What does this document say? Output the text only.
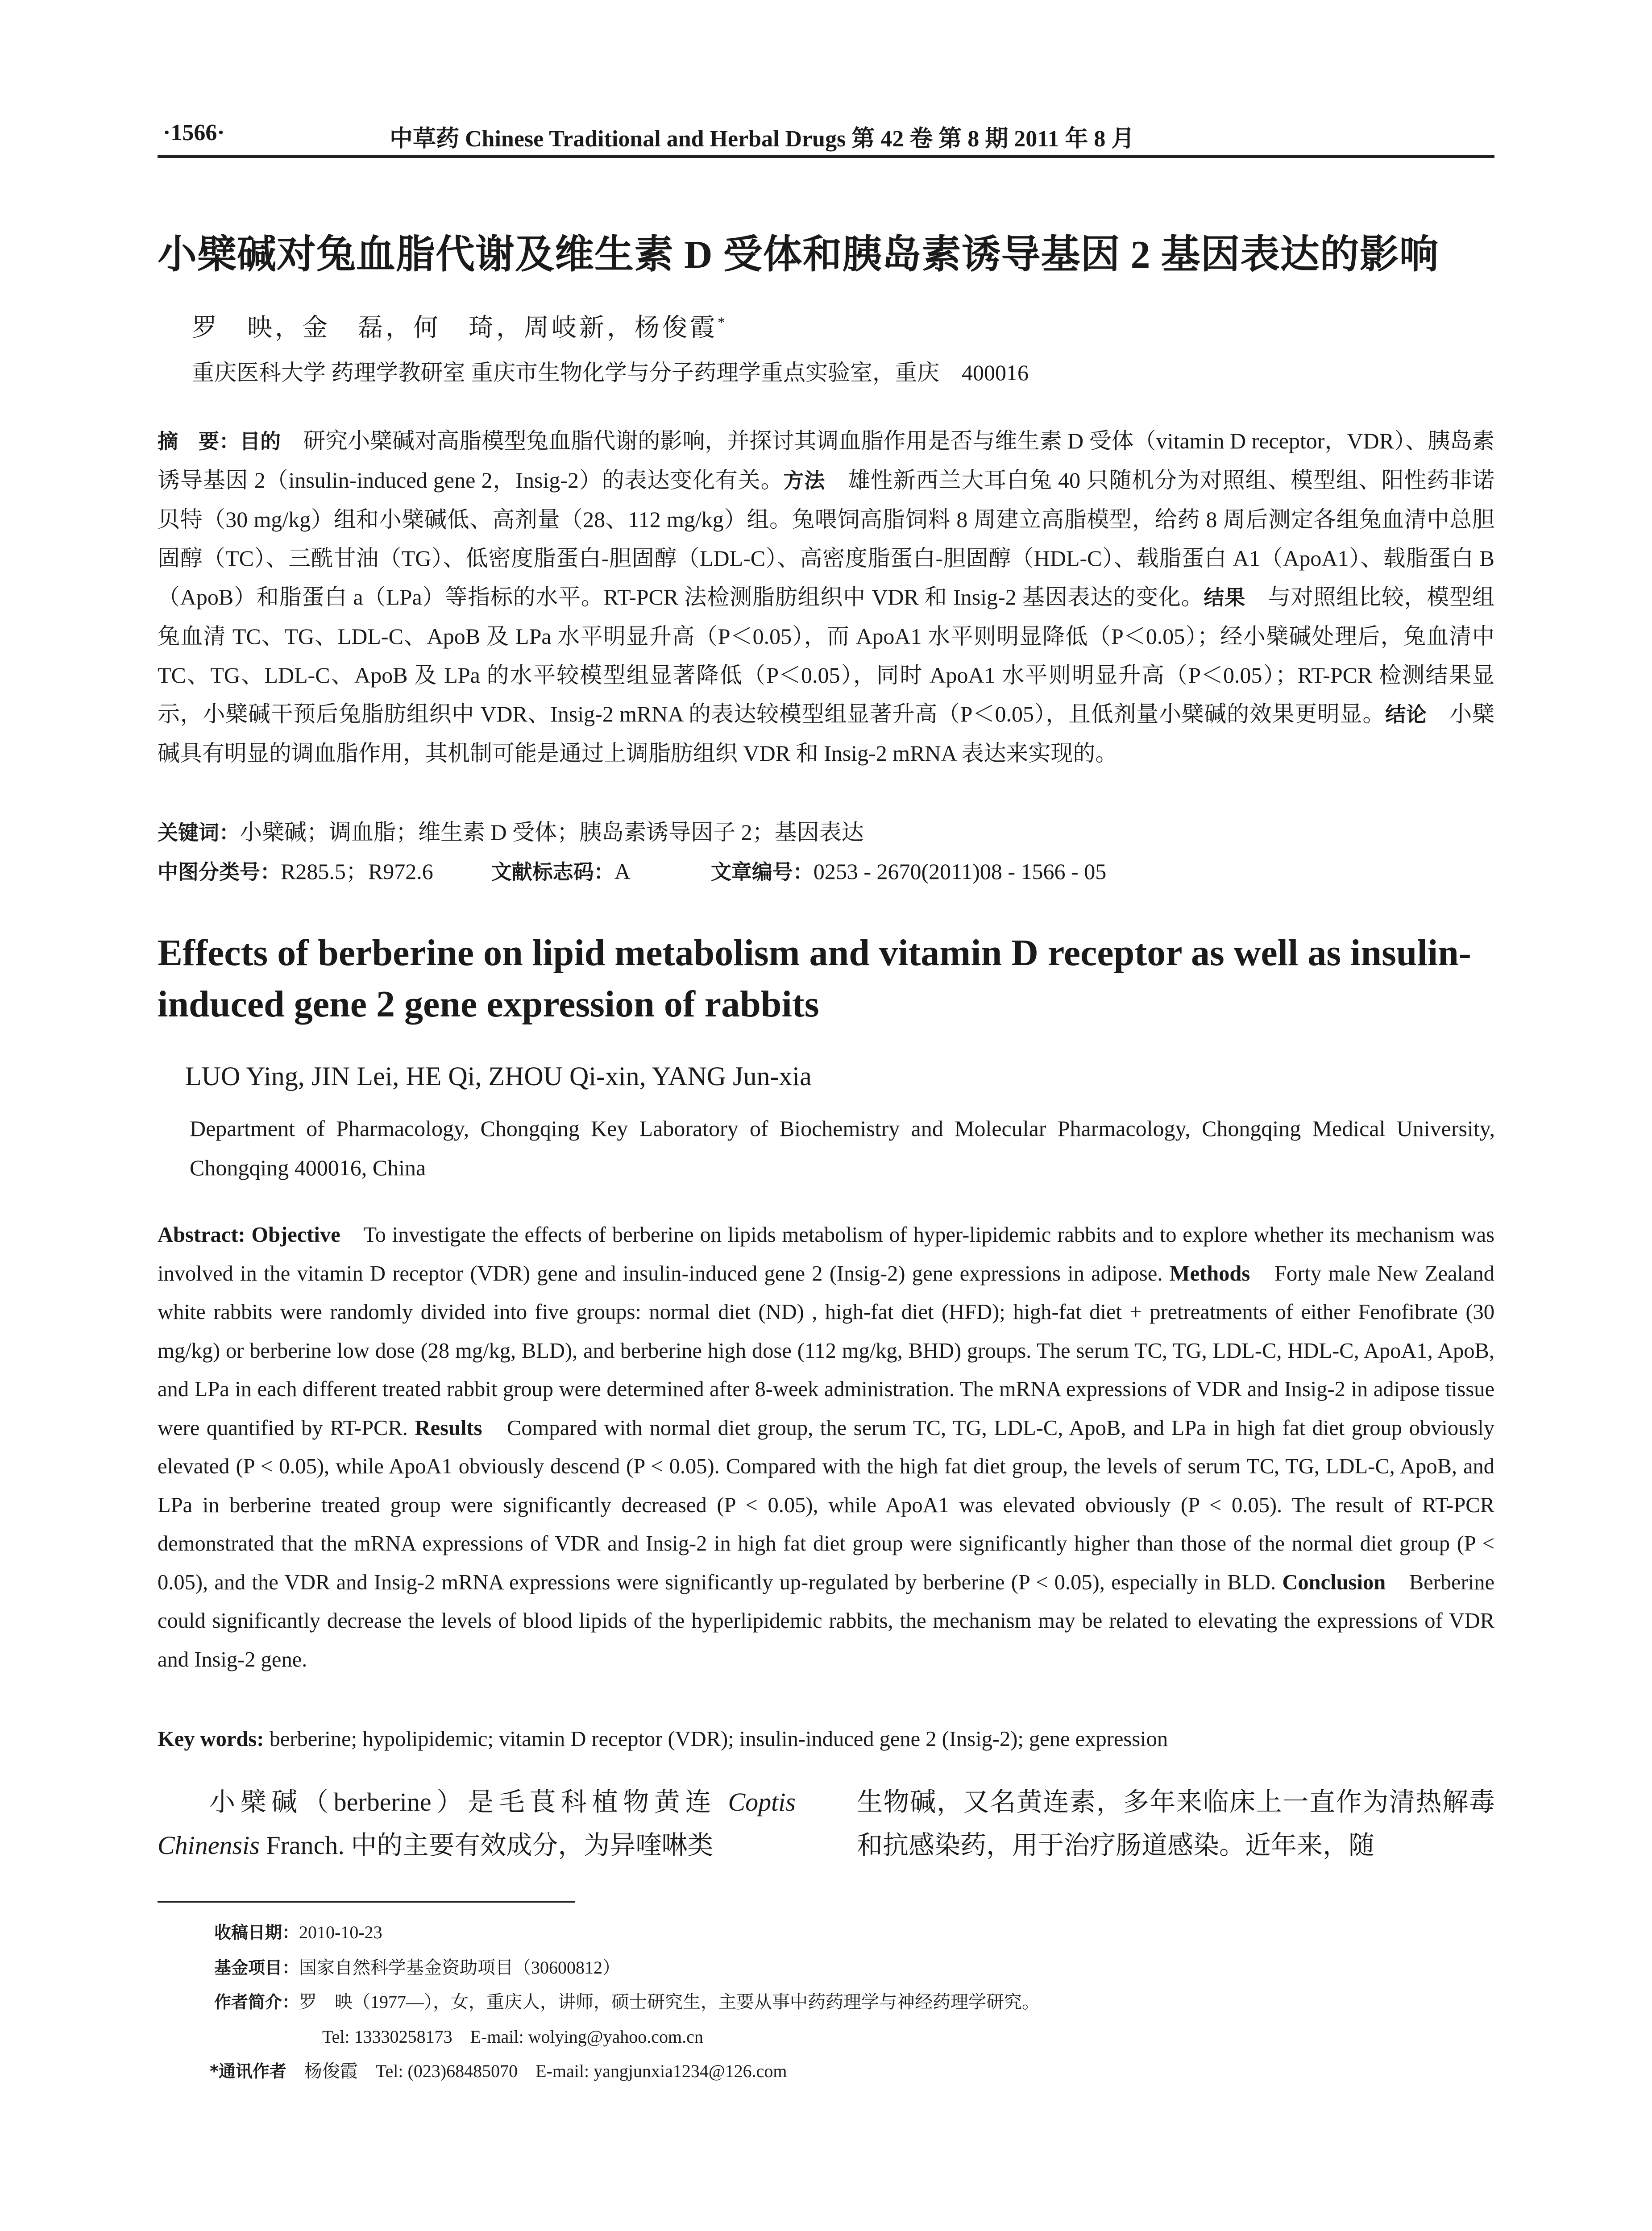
·1566·	中草药 Chinese Traditional and Herbal Drugs 第 42 卷 第 8 期 2011 年 8 月
小檗碱对兔血脂代谢及维生素 D 受体和胰岛素诱导基因 2 基因表达的影响
罗　映，金　磊，何　琦，周岐新，杨俊霞*
重庆医科大学 药理学教研室 重庆市生物化学与分子药理学重点实验室，重庆　400016
摘　要：目的　研究小檗碱对高脂模型兔血脂代谢的影响，并探讨其调血脂作用是否与维生素 D 受体（vitamin D receptor，VDR）、胰岛素诱导基因 2（insulin-induced gene 2，Insig-2）的表达变化有关。方法　雄性新西兰大耳白兔 40 只随机分为对照组、模型组、阳性药非诺贝特（30 mg/kg）组和小檗碱低、高剂量（28、112 mg/kg）组。兔喂饲高脂饲料 8 周建立高脂模型，给药 8 周后测定各组兔血清中总胆固醇（TC）、三酰甘油（TG）、低密度脂蛋白-胆固醇（LDL-C）、高密度脂蛋白-胆固醇（HDL-C）、载脂蛋白 A1（ApoA1）、载脂蛋白 B（ApoB）和脂蛋白 a（LPa）等指标的水平。RT-PCR 法检测脂肪组织中 VDR 和 Insig-2 基因表达的变化。结果　与对照组比较，模型组兔血清 TC、TG、LDL-C、ApoB 及 LPa 水平明显升高（P＜0.05），而 ApoA1 水平则明显降低（P＜0.05）；经小檗碱处理后，兔血清中 TC、TG、LDL-C、ApoB 及 LPa 的水平较模型组显著降低（P＜0.05），同时 ApoA1 水平则明显升高（P＜0.05）；RT-PCR 检测结果显示，小檗碱干预后兔脂肪组织中 VDR、Insig-2 mRNA 的表达较模型组显著升高（P＜0.05），且低剂量小檗碱的效果更明显。结论　小檗碱具有明显的调血脂作用，其机制可能是通过上调脂肪组织 VDR 和 Insig-2 mRNA 表达来实现的。
关键词：小檗碱；调血脂；维生素 D 受体；胰岛素诱导因子 2；基因表达
中图分类号：R285.5；R972.6	文献标志码：A	文章编号：0253 - 2670(2011)08 - 1566 - 05
Effects of berberine on lipid metabolism and vitamin D receptor as well as insulin-induced gene 2 gene expression of rabbits
LUO Ying, JIN Lei, HE Qi, ZHOU Qi-xin, YANG Jun-xia
Department of Pharmacology, Chongqing Key Laboratory of Biochemistry and Molecular Pharmacology, Chongqing Medical University, Chongqing 400016, China
Abstract: Objective　To investigate the effects of berberine on lipids metabolism of hyper-lipidemic rabbits and to explore whether its mechanism was involved in the vitamin D receptor (VDR) gene and insulin-induced gene 2 (Insig-2) gene expressions in adipose. Methods　Forty male New Zealand white rabbits were randomly divided into five groups: normal diet (ND) , high-fat diet (HFD); high-fat diet + pretreatments of either Fenofibrate (30 mg/kg) or berberine low dose (28 mg/kg, BLD), and berberine high dose (112 mg/kg, BHD) groups. The serum TC, TG, LDL-C, HDL-C, ApoA1, ApoB, and LPa in each different treated rabbit group were determined after 8-week administration. The mRNA expressions of VDR and Insig-2 in adipose tissue were quantified by RT-PCR. Results　Compared with normal diet group, the serum TC, TG, LDL-C, ApoB, and LPa in high fat diet group obviously elevated (P < 0.05), while ApoA1 obviously descend (P < 0.05). Compared with the high fat diet group, the levels of serum TC, TG, LDL-C, ApoB, and LPa in berberine treated group were significantly decreased (P < 0.05), while ApoA1 was elevated obviously (P < 0.05). The result of RT-PCR demonstrated that the mRNA expressions of VDR and Insig-2 in high fat diet group were significantly higher than those of the normal diet group (P < 0.05), and the VDR and Insig-2 mRNA expressions were significantly up-regulated by berberine (P < 0.05), especially in BLD. Conclusion　Berberine could significantly decrease the levels of blood lipids of the hyperlipidemic rabbits, the mechanism may be related to elevating the expressions of VDR and Insig-2 gene.
Key words: berberine; hypolipidemic; vitamin D receptor (VDR); insulin-induced gene 2 (Insig-2); gene expression
小檗碱（berberine）是毛茛科植物黄连 Coptis Chinensis Franch. 中的主要有效成分，为异喹啉类
生物碱，又名黄连素，多年来临床上一直作为清热解毒和抗感染药，用于治疗肠道感染。近年来，随
收稿日期：2010-10-23
基金项目：国家自然科学基金资助项目（30600812）
作者简介：罗　映（1977—），女，重庆人，讲师，硕士研究生，主要从事中药药理学与神经药理学研究。
Tel: 13330258173　E-mail: wolying@yahoo.com.cn
*通讯作者　杨俊霞　Tel: (023)68485070　E-mail: yangjunxia1234@126.com
